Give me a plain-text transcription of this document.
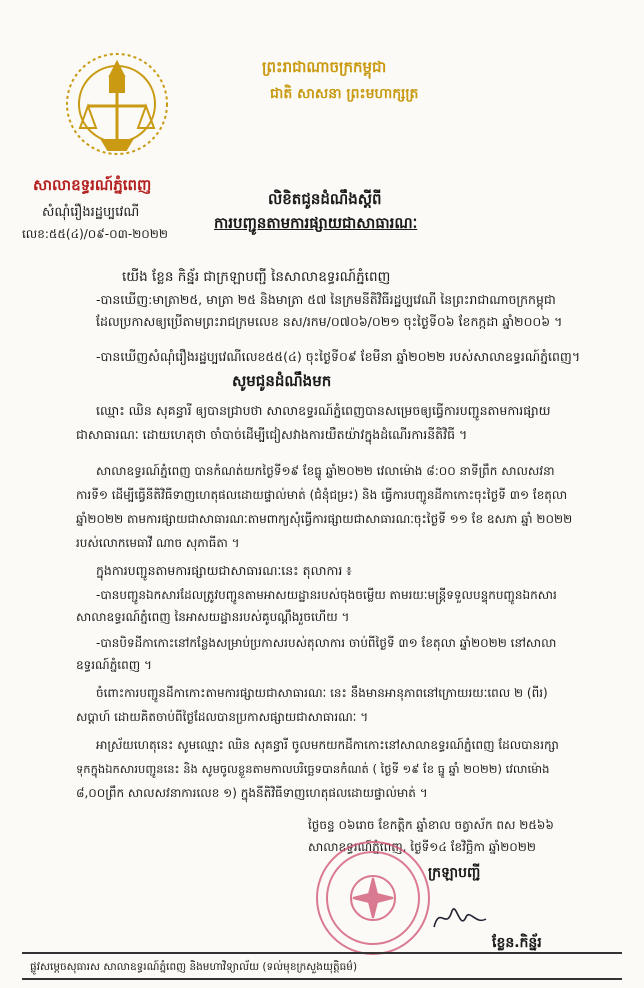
ព្រះរាជាណាចក្រកម្ពុជា
ជាតិ សាសនា ព្រះមហាក្សត្រ
សាលាឧទ្ធរណ៍ភ្នំពេញ
សំណុំរឿងរដ្ឋប្បវេណី
លេខ:៥៥(៤)/០៩-០៣-២០២២
លិខិតជូនដំណឹងស្តីពី
ការបញ្ជូនតាមការផ្សាយជាសាធារណៈ
យើង ខ្លែន កិន្ន័រ ជាក្រឡាបញ្ជី នៃសាលាឧទ្ធរណ៍ភ្នំពេញ
-បានឃើញ:មាត្រា២៥, មាត្រា ២៥ និងមាត្រា ៥៧ នៃក្រមនីតិវិធីរដ្ឋប្បវេណី នៃព្រះរាជាណាចក្រកម្ពុជា
ដែលប្រកាសឲ្យប្រើតាមព្រះរាជក្រមលេខ នស/រកម/០៧០៦/០២១ ចុះថ្ងៃទី០៦ ខែកក្កដា ឆ្នាំ២០០៦ ។
-បានឃើញសំណុំរឿងរដ្ឋប្បវេណីលេខ៥៥(៤) ចុះថ្ងៃទី០៩ ខែមីនា ឆ្នាំ២០២២ របស់សាលាឧទ្ធរណ៍ភ្នំពេញ។
សូមជូនដំណឹងមក
ឈ្មោះ ឈិន សុគន្ធារី ឲ្យបានជ្រាបថា សាលាឧទ្ធរណ៍ភ្នំពេញបានសម្រេចឲ្យធ្វើការបញ្ជូនតាមការផ្សាយ
ជាសាធារណៈ ដោយហេតុថា ចាំបាច់ដើម្បីជៀសវាងការយឺតយ៉ាវក្នុងដំណើរការនីតិវិធី ។
សាលាឧទ្ធរណ៍ភ្នំពេញ បានកំណត់យកថ្ងៃទី១៩ ខែធ្នូ ឆ្នាំ២០២២ វេលាម៉ោង ៨:០០ នាទីព្រឹក សាលសវនា
ការទី១ ដើម្បីធ្វើនីតិវិធីទាញហេតុផលដោយផ្ទាល់មាត់ (ជំនុំជម្រះ) និង ធ្វើការបញ្ជូនដីកាកោះចុះថ្ងៃទី ៣១ ខែតុលា
ឆ្នាំ២០២២ តាមការផ្សាយជាសាធារណៈតាមពាក្យសុំធ្វើការផ្សាយជាសាធារណៈចុះថ្ងៃទី ១១ ខែ ឧសភា ឆ្នាំ ២០២២
របស់លោកមេធាវី ណាច សុភាធីតា ។
ក្នុងការបញ្ជូនតាមការផ្សាយជាសាធារណៈនេះ តុលាការ ៖
-បានបញ្ជូនឯកសារដែលត្រូវបញ្ជូនតាមអាសយដ្ឋានរបស់ចុងចម្លើយ តាមរយៈមន្ត្រីទទួលបន្ទុកបញ្ជូនឯកសារ
សាលាឧទ្ធរណ៍ភ្នំពេញ នៃអាសយដ្ឋានរបស់គូបណ្តឹងរួចហើយ ។
-បានបិទដីកាកោះនៅកន្លែងសម្រាប់ប្រកាសរបស់តុលាការ ចាប់ពីថ្ងៃទី ៣១ ខែតុលា ឆ្នាំ២០២២ នៅសាលា
ឧទ្ធរណ៍ភ្នំពេញ ។
ចំពោះការបញ្ជូនដីកាកោះតាមការផ្សាយជាសាធារណៈ នេះ នឹងមានអានុភាពនៅក្រោយរយៈពេល ២ (ពីរ)
សប្តាហ៍ ដោយគិតចាប់ពីថ្ងៃដែលបានប្រកាសផ្សាយជាសាធារណៈ ។
អាស្រ័យហេតុនេះ សូមឈ្មោះ ឈិន សុគន្ធារី ចូលមកយកដីកាកោះនៅសាលាឧទ្ធរណ៍ភ្នំពេញ ដែលបានរក្សា
ទុកក្នុងឯកសារបញ្ជូននេះ និង សូមចូលខ្លួនតាមកាលបរិច្ឆេទបានកំណត់ ( ថ្ងៃទី ១៩ ខែ ធ្នូ ឆ្នាំ ២០២២) វេលាម៉ោង
៨,០០ព្រឹក សាលសវនាការលេខ ១) ក្នុងនីតិវិធីទាញហេតុផលដោយផ្ទាល់មាត់ ។
ថ្ងៃចន្ទ ០៦រោច ខែកត្តិក ឆ្នាំខាល ចត្វាស័ក ពស ២៥៦៦
សាលាឧទ្ធរណ៍ភ្នំពេញ, ថ្ងៃទី១៤ ខែវិច្ឆិកា ឆ្នាំ២០២២
ក្រឡាបញ្ជី
ខ្លែន.កិន្ន័រ
ផ្លូវសម្តេចសុធារស សាលាឧទ្ធរណ៍ភ្នំពេញ និងមហាវិទ្យាល័យ​ (ទល់មុខក្រសួងយុត្តិធម៌)
